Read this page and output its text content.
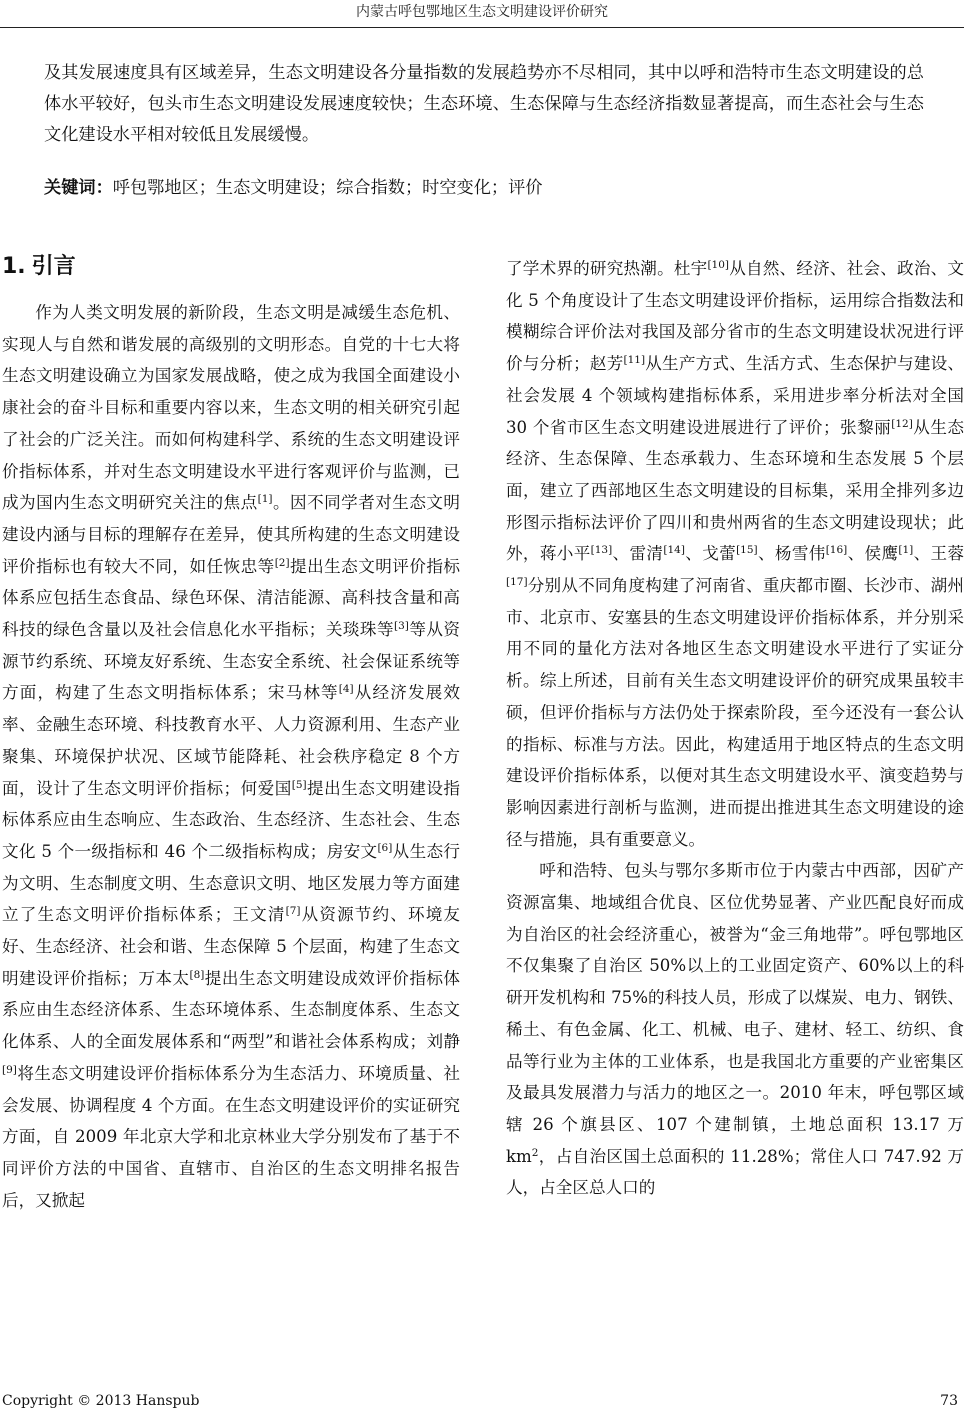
内蒙古呼包鄂地区生态文明建设评价研究
及其发展速度具有区域差异，生态文明建设各分量指数的发展趋势亦不尽相同，其中以呼和浩特市生态文明建设的总体水平较好，包头市生态文明建设发展速度较快；生态环境、生态保障与生态经济指数显著提高，而生态社会与生态文化建设水平相对较低且发展缓慢。
关键词：呼包鄂地区；生态文明建设；综合指数；时空变化；评价
1. 引言

作为人类文明发展的新阶段，生态文明是减缓生态危机、实现人与自然和谐发展的高级别的文明形态。自党的十七大将生态文明建设确立为国家发展战略，使之成为我国全面建设小康社会的奋斗目标和重要内容以来，生态文明的相关研究引起了社会的广泛关注。而如何构建科学、系统的生态文明建设评价指标体系，并对生态文明建设水平进行客观评价与监测，已成为国内生态文明研究关注的焦点[1]。因不同学者对生态文明建设内涵与目标的理解存在差异，使其所构建的生态文明建设评价指标也有较大不同，如任恢忠等[2]提出生态文明评价指标体系应包括生态食品、绿色环保、清洁能源、高科技含量和高科技的绿色含量以及社会信息化水平指标；关琰珠等[3]等从资源节约系统、环境友好系统、生态安全系统、社会保证系统等方面，构建了生态文明指标体系；宋马林等[4]从经济发展效率、金融生态环境、科技教育水平、人力资源利用、生态产业聚集、环境保护状况、区域节能降耗、社会秩序稳定 8 个方面，设计了生态文明评价指标；何爱国[5]提出生态文明建设指标体系应由生态响应、生态政治、生态经济、生态社会、生态文化 5 个一级指标和 46 个二级指标构成；房安文[6]从生态行为文明、生态制度文明、生态意识文明、地区发展力等方面建立了生态文明评价指标体系；王文清[7]从资源节约、环境友好、生态经济、社会和谐、生态保障 5 个层面，构建了生态文明建设评价指标；万本太[8]提出生态文明建设成效评价指标体系应由生态经济体系、生态环境体系、生态制度体系、生态文化体系、人的全面发展体系和“两型”和谐社会体系构成；刘静[9]将生态文明建设评价指标体系分为生态活力、环境质量、社会发展、协调程度 4 个方面。在生态文明建设评价的实证研究方面，自 2009 年北京大学和北京林业大学分别发布了基于不同评价方法的中国省、直辖市、自治区的生态文明排名报告后，又掀起

了学术界的研究热潮。杜宇[10]从自然、经济、社会、政治、文化 5 个角度设计了生态文明建设评价指标，运用综合指数法和模糊综合评价法对我国及部分省市的生态文明建设状况进行评价与分析；赵芳[11]从生产方式、生活方式、生态保护与建设、社会发展 4 个领域构建指标体系，采用进步率分析法对全国 30 个省市区生态文明建设进展进行了评价；张黎丽[12]从生态经济、生态保障、生态承载力、生态环境和生态发展 5 个层面，建立了西部地区生态文明建设的目标集，采用全排列多边形图示指标法评价了四川和贵州两省的生态文明建设现状；此外，蒋小平[13]、雷清[14]、戈蕾[15]、杨雪伟[16]、侯鹰[1]、王蓉[17]分别从不同角度构建了河南省、重庆都市圈、长沙市、湖州市、北京市、安塞县的生态文明建设评价指标体系，并分别采用不同的量化方法对各地区生态文明建设水平进行了实证分析。综上所述，目前有关生态文明建设评价的研究成果虽较丰硕，但评价指标与方法仍处于探索阶段，至今还没有一套公认的指标、标准与方法。因此，构建适用于地区特点的生态文明建设评价指标体系，以便对其生态文明建设水平、演变趋势与影响因素进行剖析与监测，进而提出推进其生态文明建设的途径与措施，具有重要意义。

呼和浩特、包头与鄂尔多斯市位于内蒙古中西部，因矿产资源富集、地域组合优良、区位优势显著、产业匹配良好而成为自治区的社会经济重心，被誉为“金三角地带”。呼包鄂地区不仅集聚了自治区 50%以上的工业固定资产、60%以上的科研开发机构和 75%的科技人员，形成了以煤炭、电力、钢铁、稀土、有色金属、化工、机械、电子、建材、轻工、纺织、食品等行业为主体的工业体系，也是我国北方重要的产业密集区及最具发展潜力与活力的地区之一。2010 年末，呼包鄂区域辖 26 个旗县区、107 个建制镇，土地总面积 13.17 万 $km^2$，占自治区国土总面积的 11.28%；常住人口 747.92 万人，占全区总人口的

Copyright © 2013 Hanspub	73
